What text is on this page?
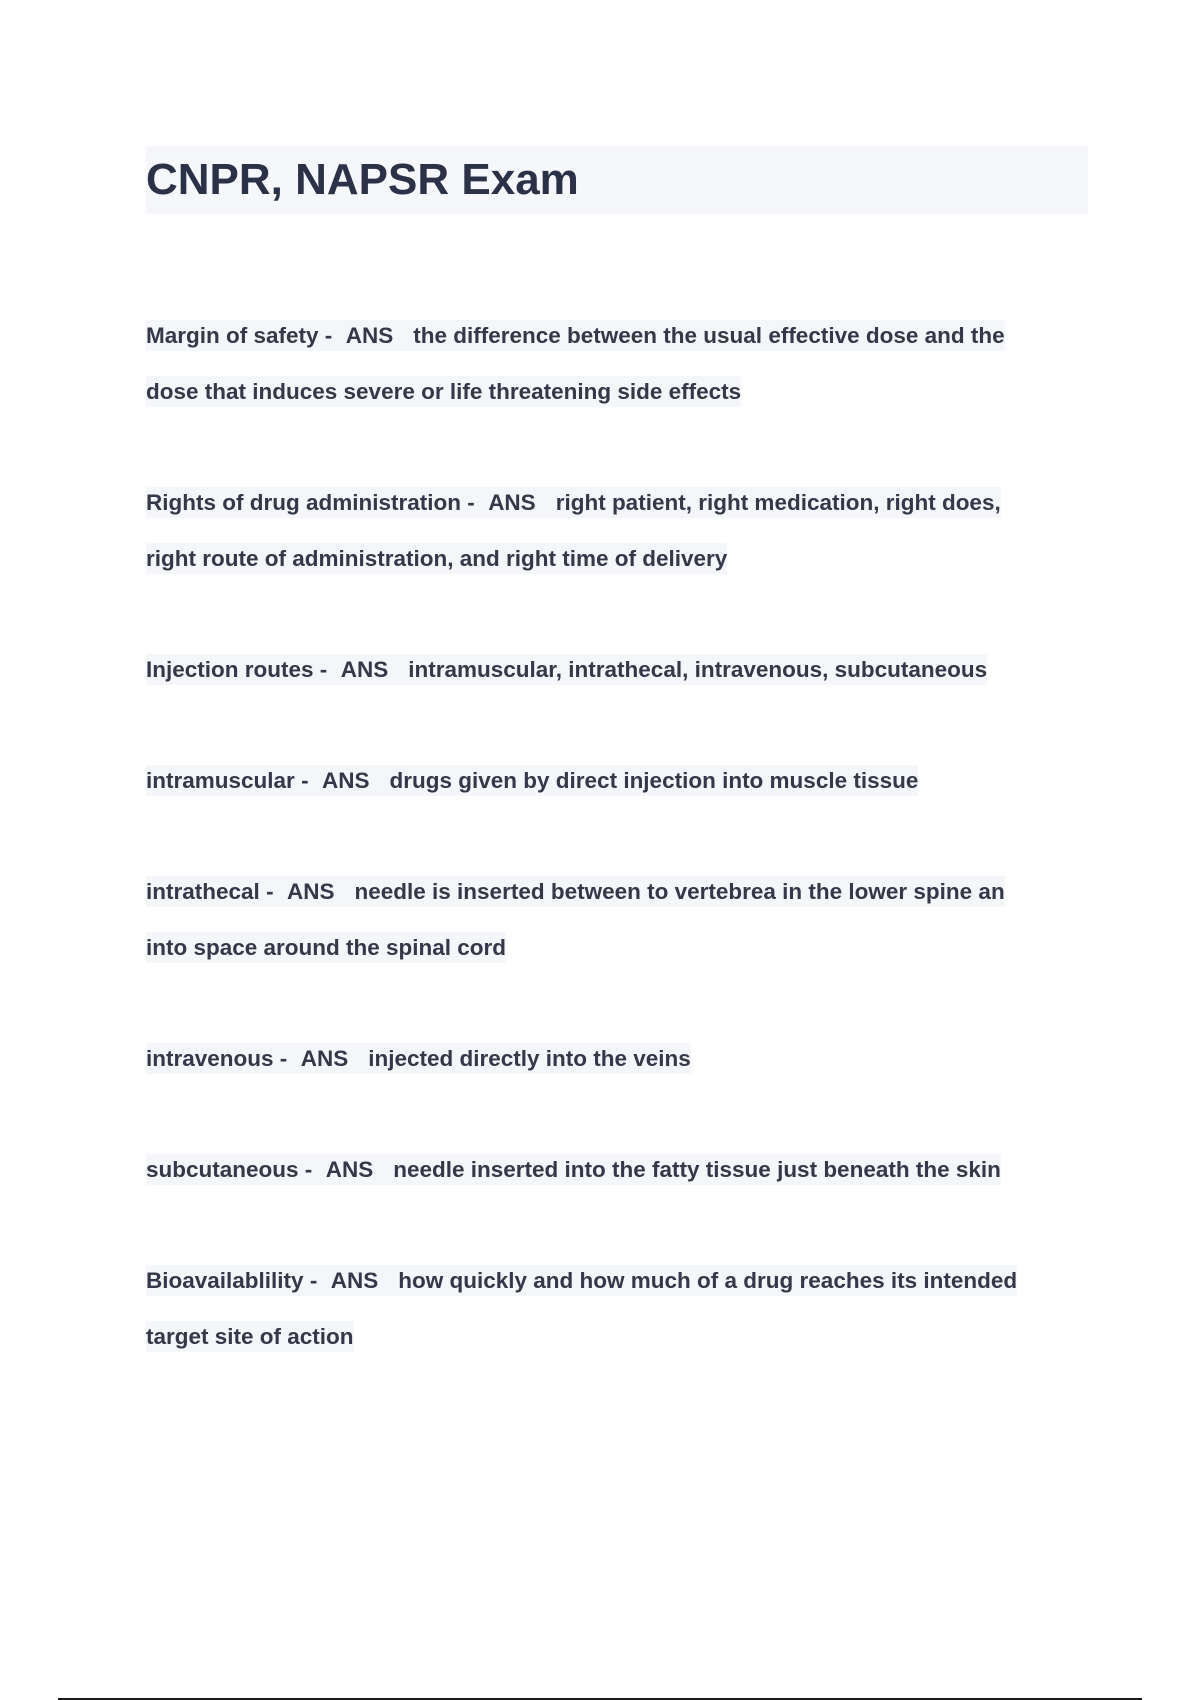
CNPR, NAPSR Exam
Margin of safety - ANS the difference between the usual effective dose and the
dose that induces severe or life threatening side effects
Rights of drug administration - ANS right patient, right medication, right does,
right route of administration, and right time of delivery
Injection routes - ANS intramuscular, intrathecal, intravenous, subcutaneous
intramuscular - ANS drugs given by direct injection into muscle tissue
intrathecal - ANS needle is inserted between to vertebrea in the lower spine an
into space around the spinal cord
intravenous - ANS injected directly into the veins
subcutaneous - ANS needle inserted into the fatty tissue just beneath the skin
Bioavailablility - ANS how quickly and how much of a drug reaches its intended
target site of action
